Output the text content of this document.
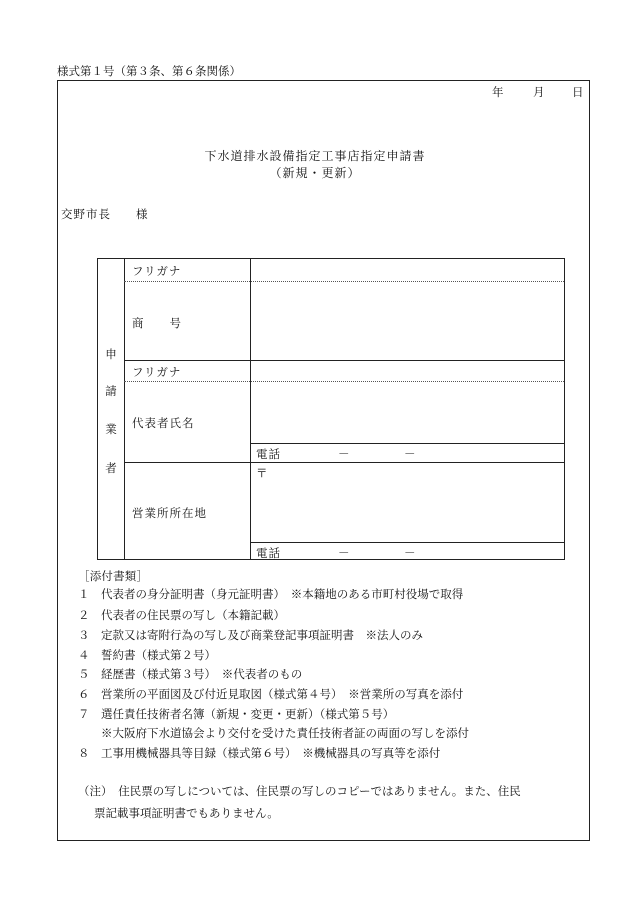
様式第１号（第３条、第６条関係）
年	月 日
下水道排水設備指定工事店指定申請書
（新規・更新）
交野市長　　様
申
請
業
者
フリガナ
商　　号
フリガナ
代表者氏名
電話	－	－
営業所所在地
〒
電話	－	－
［添付書類］
１	代表者の身分証明書（身元証明書）　※本籍地のある市町村役場で取得
２	代表者の住民票の写し（本籍記載）
３	定款又は寄附行為の写し及び商業登記事項証明書　※法人のみ
４	誓約書（様式第２号）
５	経歴書（様式第３号）　※代表者のもの
６	営業所の平面図及び付近見取図（様式第４号）　※営業所の写真を添付
７	選任責任技術者名簿（新規・変更・更新）（様式第５号）
※大阪府下水道協会より交付を受けた責任技術者証の両面の写しを添付
８	工事用機械器具等目録（様式第６号）　※機械器具の写真等を添付
（注）　住民票の写しについては、住民票の写しのコピーではありません。また、住民
票記載事項証明書でもありません。
